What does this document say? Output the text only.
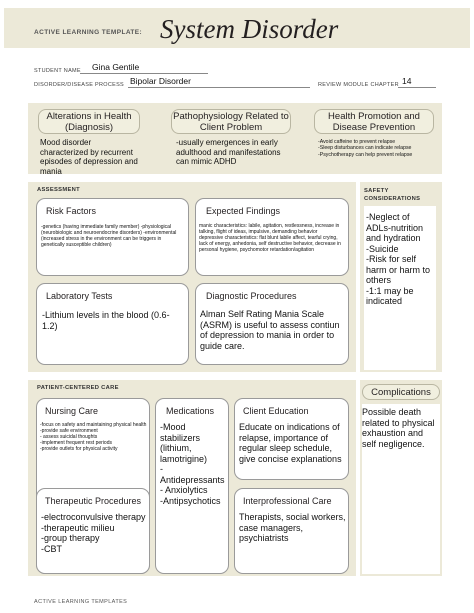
ACTIVE LEARNING TEMPLATE: System Disorder
STUDENT NAME Gina Gentile
DISORDER/DISEASE PROCESS Bipolar Disorder	REVIEW MODULE CHAPTER 14
Alterations in Health (Diagnosis)
Mood disorder characterized by recurrent episodes of depression and mania
Pathophysiology Related to Client Problem
-usually emergences in early adulthood and manifestations can mimic ADHD
Health Promotion and Disease Prevention
-Avoid caffeine to prevent relapse
-Sleep disturbances can indicate relapse
-Psychotherapy can help prevent relapse
ASSESSMENT
Risk Factors
-genetics (having immediate family member) -physiological (neurobiologic and neuroendocrine disorders) -environmental (increased stress in the environment can be triggers in genetically susceptible children)
Expected Findings
manic characteristics: labile, agitation, restlessness, increase in talking, flight of ideas, impulsive, demanding behavior
depressive characteristics: flat blunt labile affect, tearful crying, lack of energy, anhedonia, self destructive behavior, decrease in personal hygiene, psychomotor retardation/agitation
Laboratory Tests
-Lithium levels in the blood (0.6-1.2)
Diagnostic Procedures
Alman Self Rating Mania Scale (ASRM) is useful to assess contiun of depression to mania in order to guide care.
SAFETY CONSIDERATIONS
-Neglect of ADLs-nutrition and hydration
-Suicide
-Risk for self harm or harm to others
-1:1 may be indicated
PATIENT-CENTERED CARE
Nursing Care
-focus on safety and maintaining physical health
-provide safe environment
- assess suicidal thoughts
-implement frequent rest periods
-provide outlets for physical activity
Medications
-Mood stabilizers (lithium, lamotrigine)
- Antidepressants
- Anxiolytics
-Antipsychotics
Client Education
Educate on indications of relapse, importance of regular sleep schedule, give concise explanations
Therapeutic Procedures
-electroconvulsive therapy
-therapeutic milieu
-group therapy
-CBT
Interprofessional Care
Therapists, social workers, case managers, psychiatrists
Complications
Possible death related to physical exhaustion and self negligence.
ACTIVE LEARNING TEMPLATES
